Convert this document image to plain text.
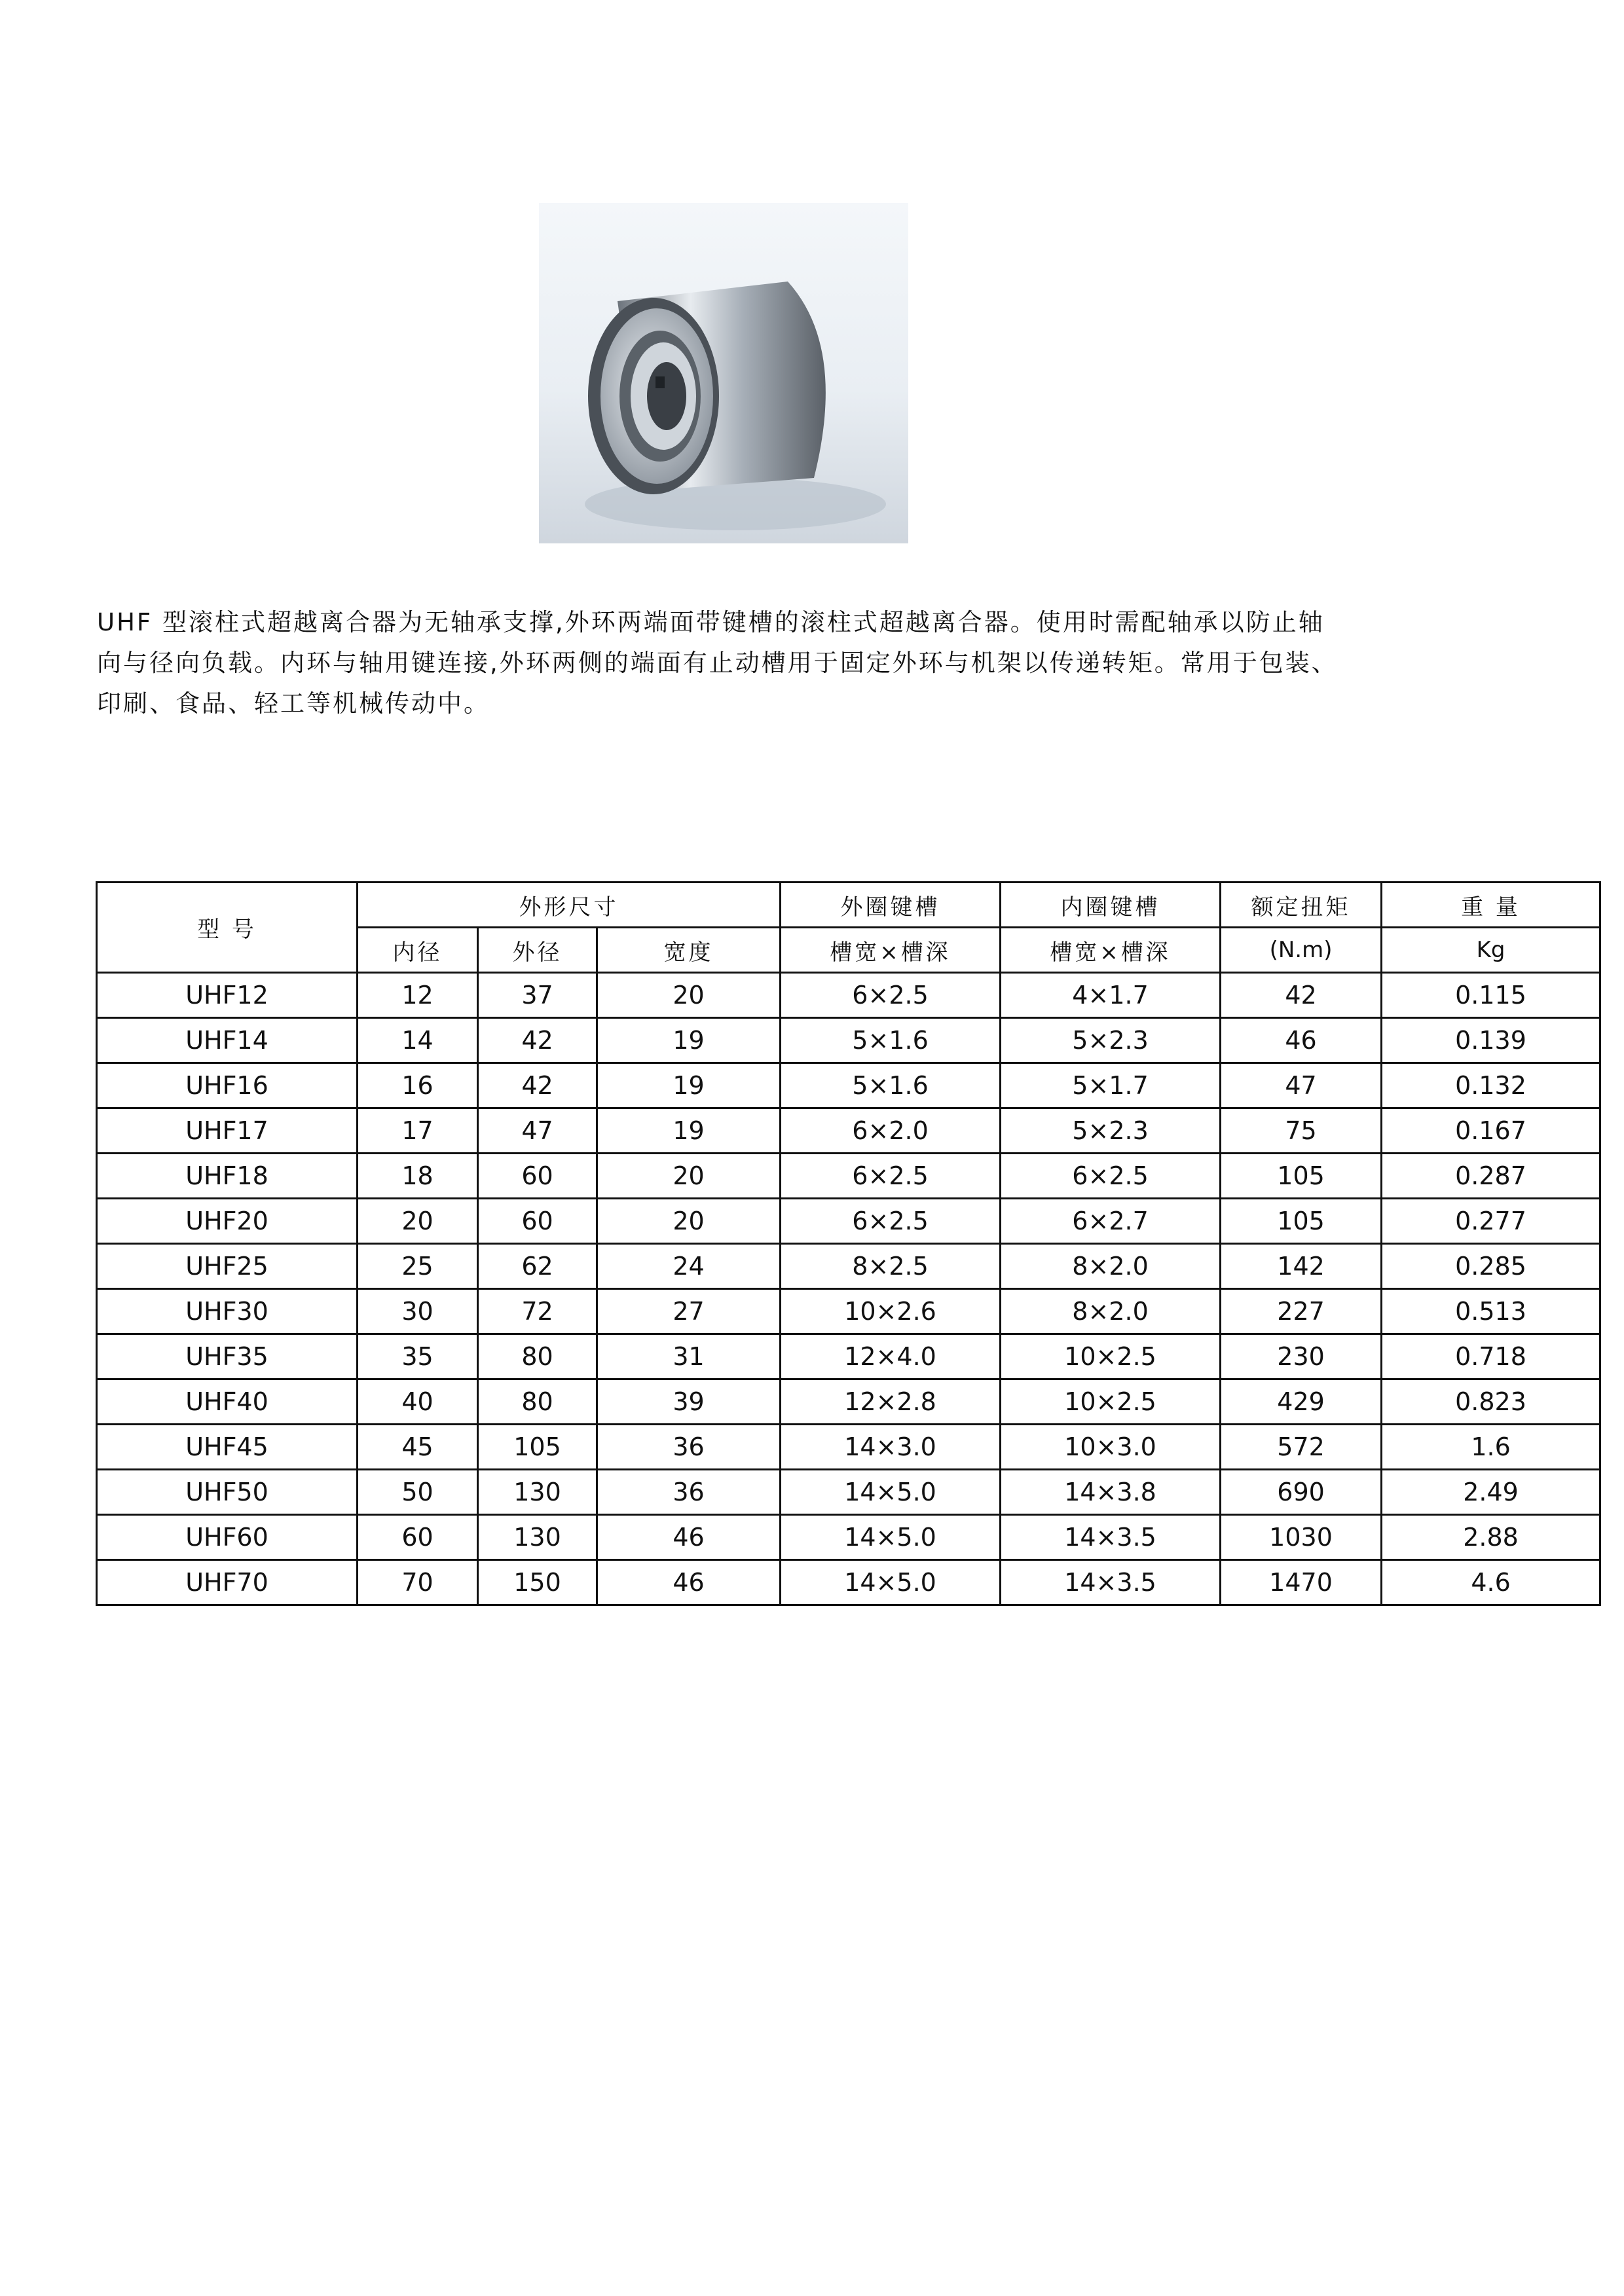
UHF 型滚柱式超越离合器为无轴承支撑,外环两端面带键槽的滚柱式超越离合器。使用时需配轴承以防止轴

向与径向负载。内环与轴用键连接,外环两侧的端面有止动槽用于固定外环与机架以传递转矩。常用于包装、

印刷、食品、轻工等机械传动中。

型 号	外形尺寸			外圈键槽	内圈键槽	额定扭矩	重 量
	内径	外径	宽度	槽宽×槽深	槽宽×槽深	(N.m)	Kg
UHF12	12	37	20	6×2.5	4×1.7	42	0.115
UHF14	14	42	19	5×1.6	5×2.3	46	0.139
UHF16	16	42	19	5×1.6	5×1.7	47	0.132
UHF17	17	47	19	6×2.0	5×2.3	75	0.167
UHF18	18	60	20	6×2.5	6×2.5	105	0.287
UHF20	20	60	20	6×2.5	6×2.7	105	0.277
UHF25	25	62	24	8×2.5	8×2.0	142	0.285
UHF30	30	72	27	10×2.6	8×2.0	227	0.513
UHF35	35	80	31	12×4.0	10×2.5	230	0.718
UHF40	40	80	39	12×2.8	10×2.5	429	0.823
UHF45	45	105	36	14×3.0	10×3.0	572	1.6
UHF50	50	130	36	14×5.0	14×3.8	690	2.49
UHF60	60	130	46	14×5.0	14×3.5	1030	2.88
UHF70	70	150	46	14×5.0	14×3.5	1470	4.6
